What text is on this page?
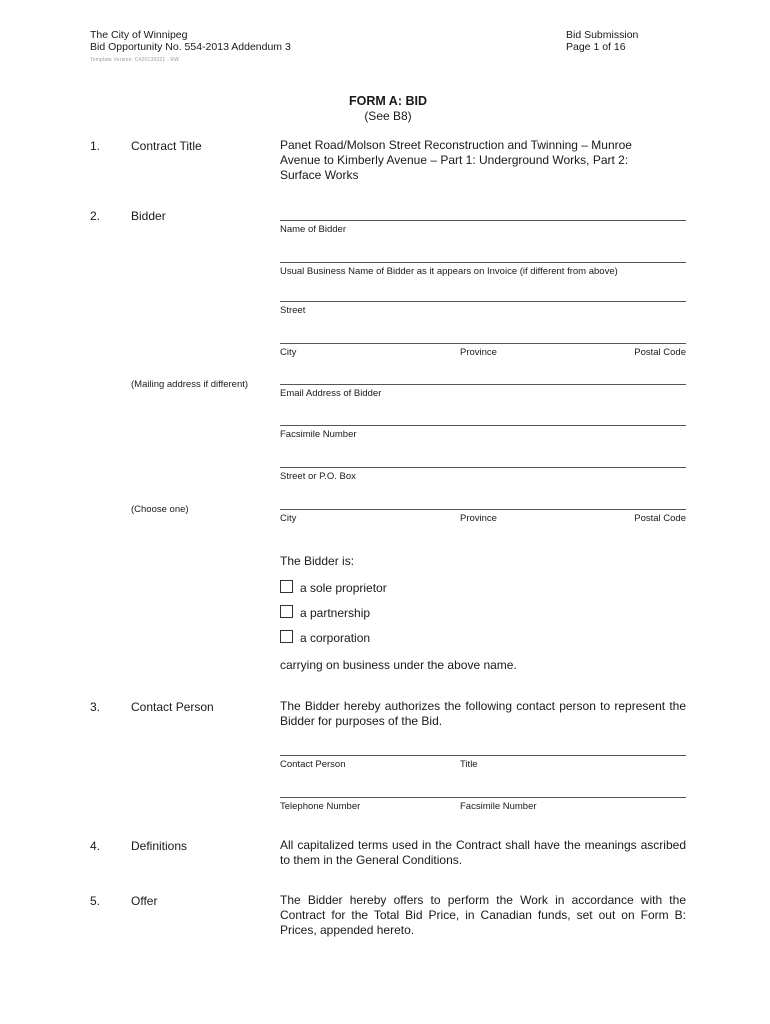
The City of Winnipeg
Bid Opportunity No. 554-2013 Addendum 3
Template Version: C420130321 - RW
Bid Submission
Page 1 of 16
FORM A: BID
(See B8)
1.	Contract Title	Panet Road/Molson Street Reconstruction and Twinning – Munroe Avenue to Kimberly Avenue – Part 1: Underground Works, Part 2: Surface Works
2.	Bidder
Name of Bidder
Usual Business Name of Bidder as it appears on Invoice (if different from above)
Street
City	Province	Postal Code
(Mailing address if different)
Email Address of Bidder
Facsimile Number
Street or P.O. Box
(Choose one)
City	Province	Postal Code
The Bidder is:
a sole proprietor
a partnership
a corporation
carrying on business under the above name.
3.	Contact Person	The Bidder hereby authorizes the following contact person to represent the Bidder for purposes of the Bid.
Contact Person	Title
Telephone Number	Facsimile Number
4.	Definitions	All capitalized terms used in the Contract shall have the meanings ascribed to them in the General Conditions.
5.	Offer	The Bidder hereby offers to perform the Work in accordance with the Contract for the Total Bid Price, in Canadian funds, set out on Form B: Prices, appended hereto.
